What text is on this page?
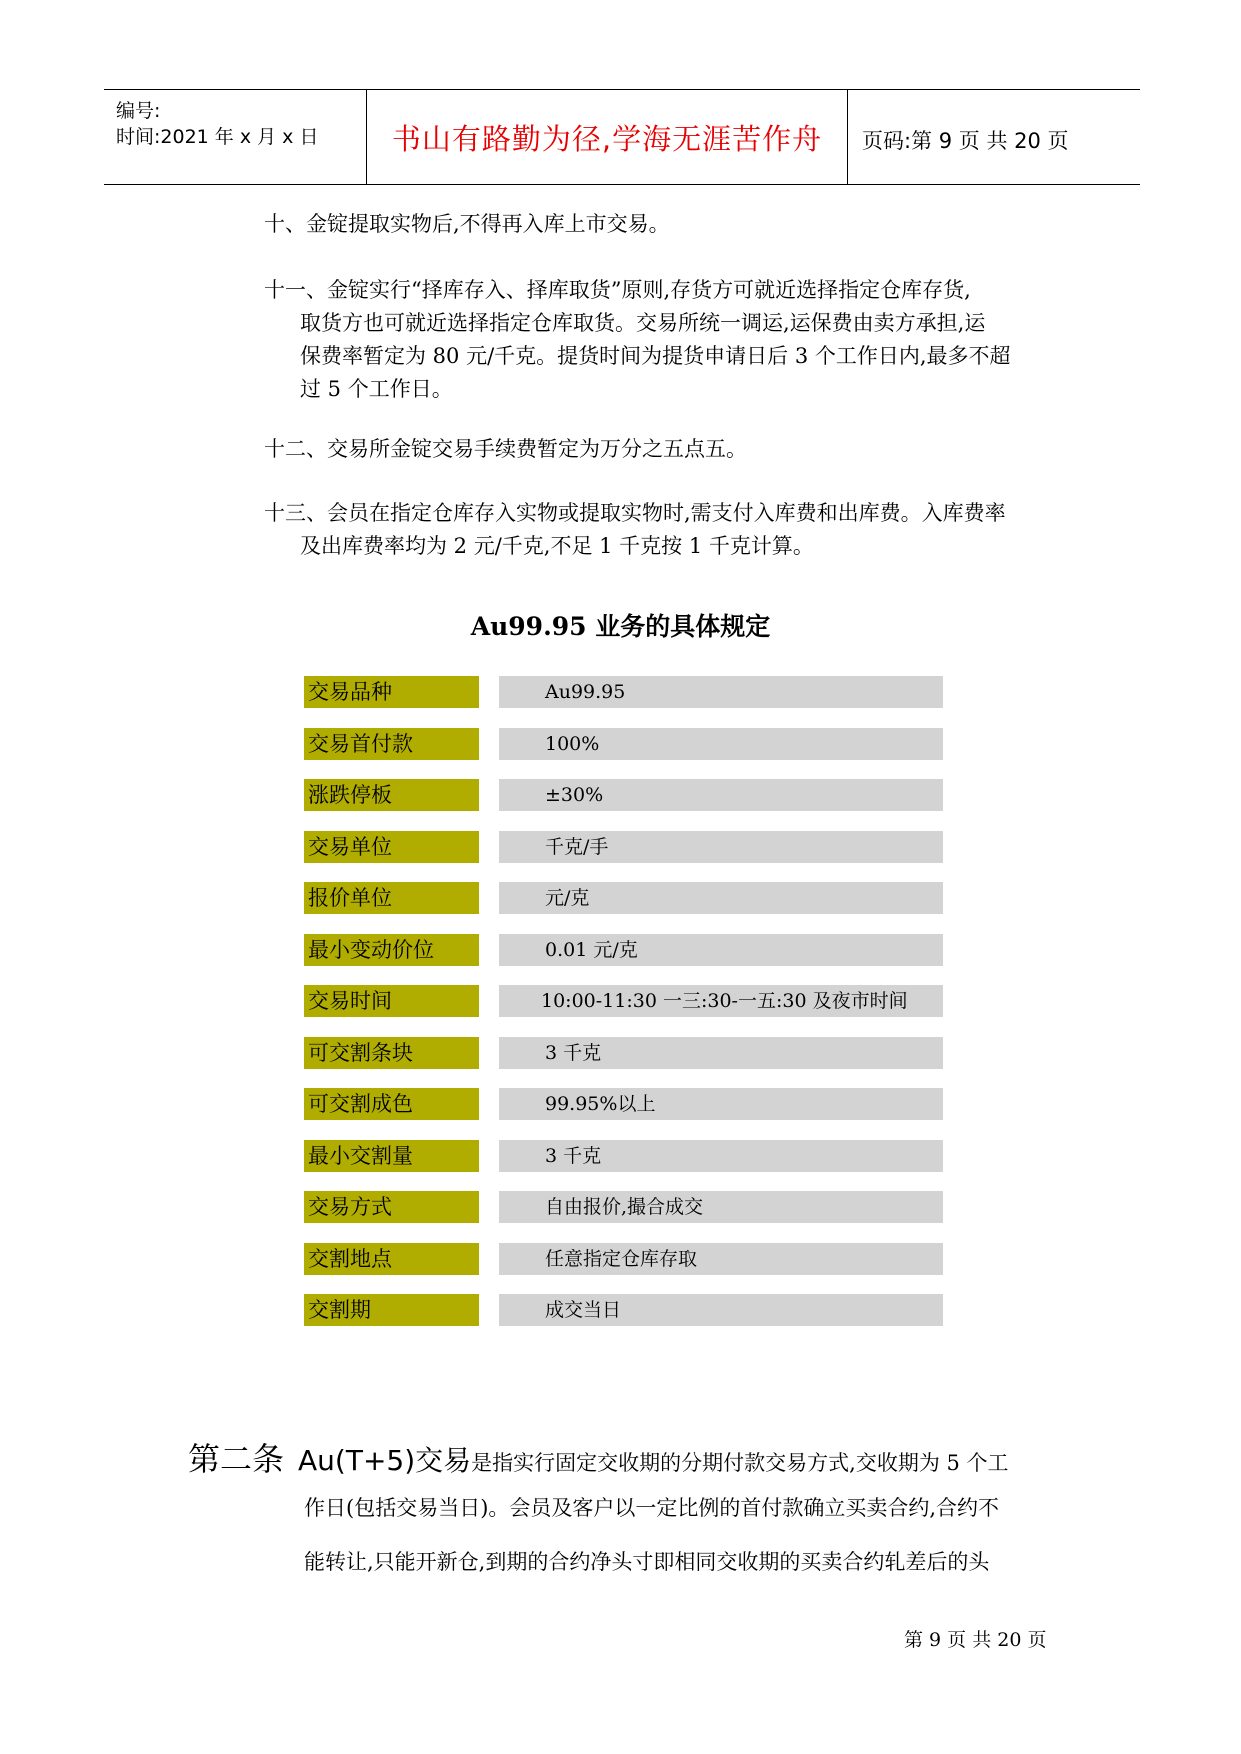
编号:
时间:2021 年 x 月 x 日	书山有路勤为径,学海无涯苦作舟	页码:第 9 页 共 20 页
十、金锭提取实物后,不得再入库上市交易。
十一、金锭实行“择库存入、择库取货”原则,存货方可就近选择指定仓库存货,
取货方也可就近选择指定仓库取货。交易所统一调运,运保费由卖方承担,运
保费率暂定为 80 元/千克。提货时间为提货申请日后 3 个工作日内,最多不超
过 5 个工作日。
十二、交易所金锭交易手续费暂定为万分之五点五。
十三、会员在指定仓库存入实物或提取实物时,需支付入库费和出库费。入库费率
及出库费率均为 2 元/千克,不足 1 千克按 1 千克计算。
Au99.95 业务的具体规定
交易品种	Au99.95
交易首付款	100%
涨跌停板	±30%
交易单位	千克/手
报价单位	元/克
最小变动价位	0.01 元/克
交易时间	10:00-11:30 一三:30-一五:30 及夜市时间
可交割条块	3 千克
可交割成色	99.95%以上
最小交割量	3 千克
交易方式	自由报价,撮合成交
交割地点	任意指定仓库存取
交割期	成交当日
第二条 Au(T+5)交易是指实行固定交收期的分期付款交易方式,交收期为 5 个工
作日(包括交易当日)。会员及客户以一定比例的首付款确立买卖合约,合约不
能转让,只能开新仓,到期的合约净头寸即相同交收期的买卖合约轧差后的头
第 9 页 共 20 页
